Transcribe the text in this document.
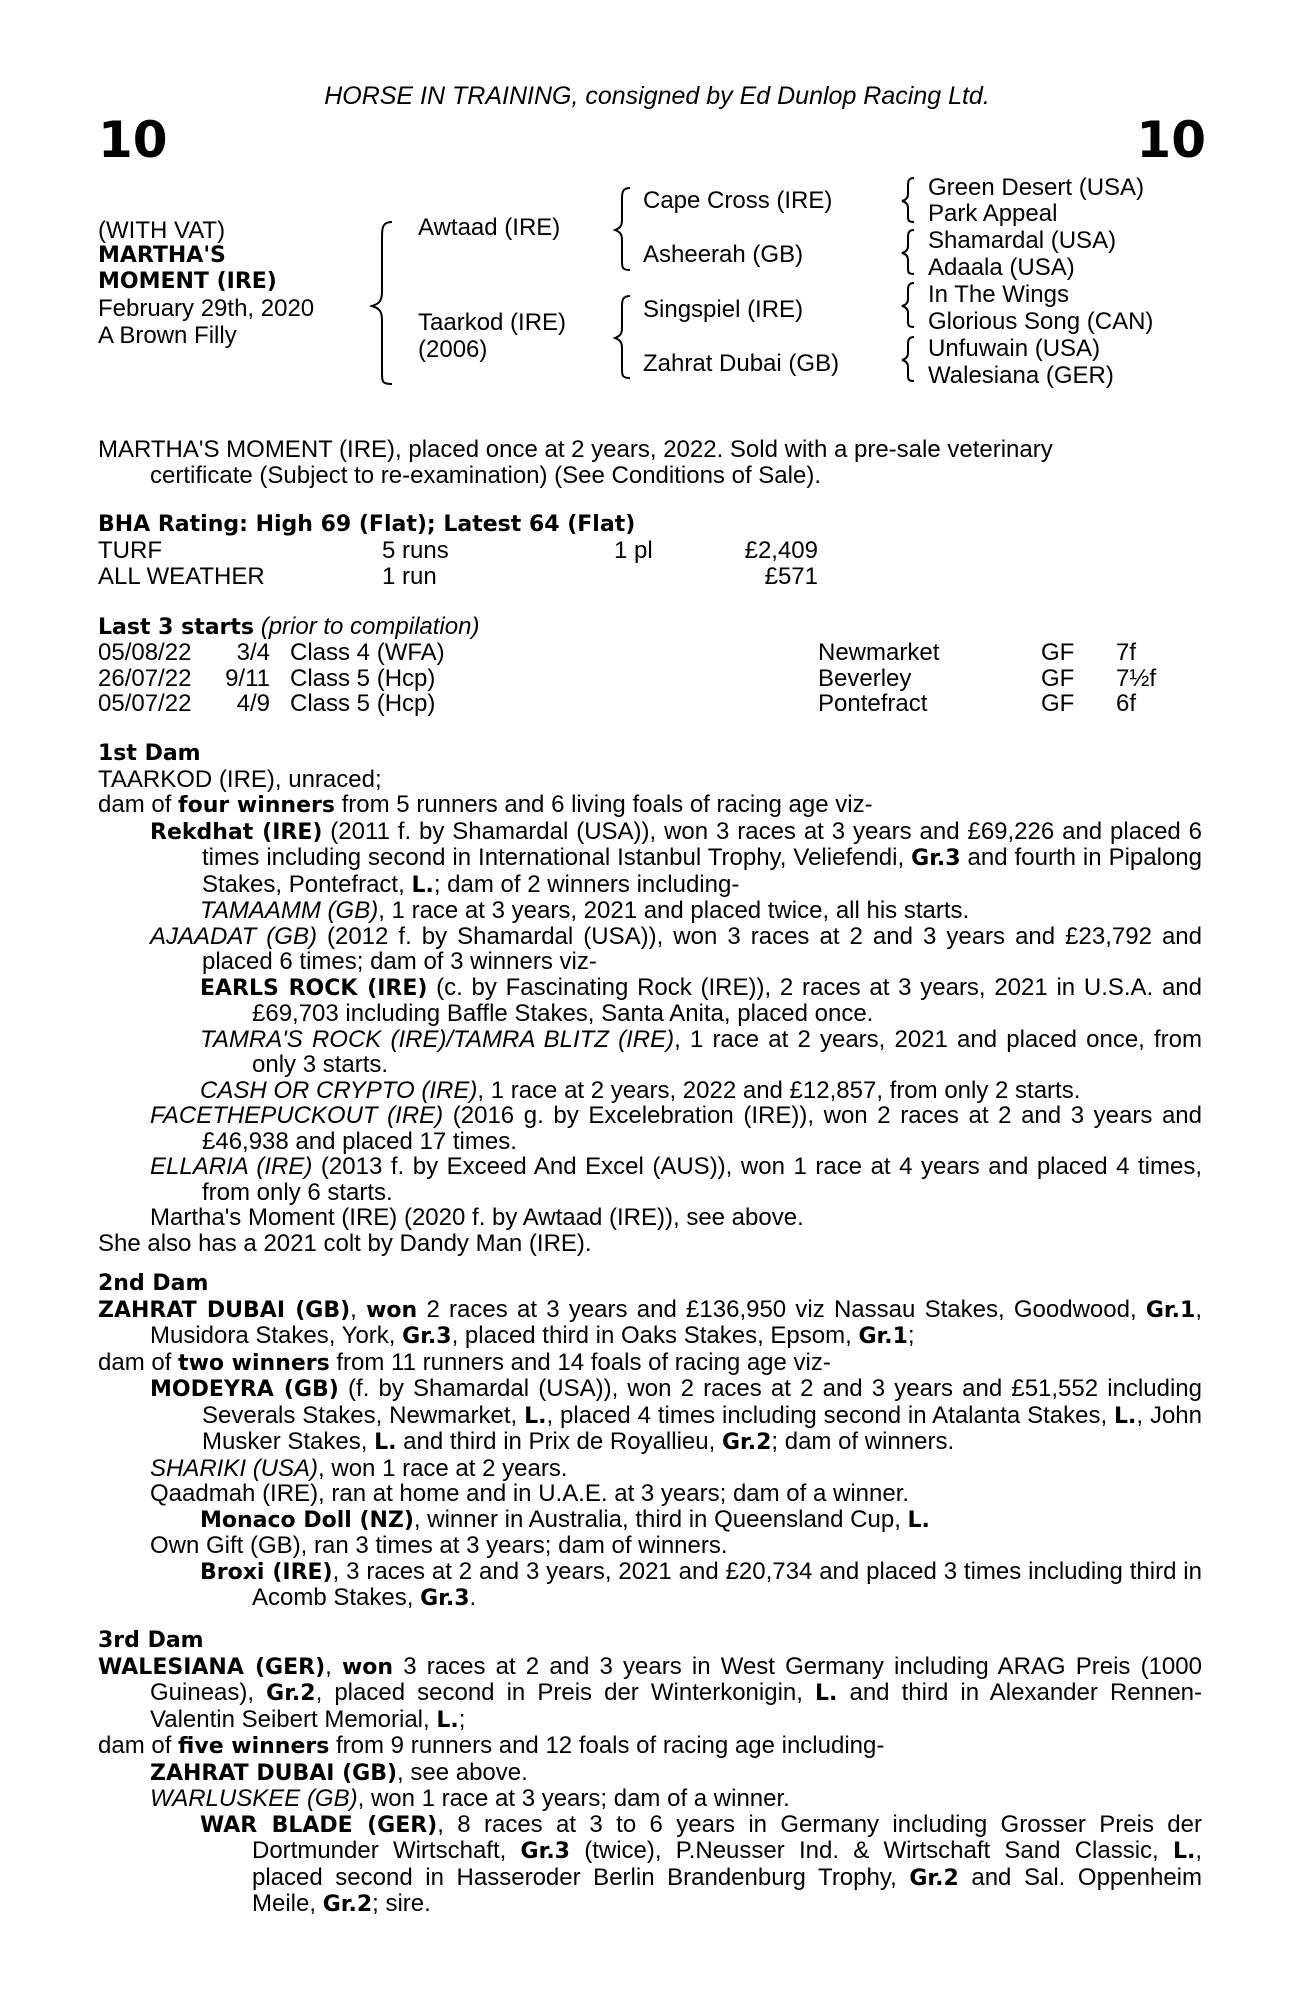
HORSE IN TRAINING, consigned by Ed Dunlop Racing Ltd.
10	10
(WITH VAT)
MARTHA'S
MOMENT (IRE)
February 29th, 2020
A Brown Filly
Awtaad (IRE)
Taarkod (IRE)
(2006)
Cape Cross (IRE)
Asheerah (GB)
Singspiel (IRE)
Zahrat Dubai (GB)
Green Desert (USA)
Park Appeal
Shamardal (USA)
Adaala (USA)
In The Wings
Glorious Song (CAN)
Unfuwain (USA)
Walesiana (GER)

MARTHA'S MOMENT (IRE), placed once at 2 years, 2022. Sold with a pre-sale veterinary

certificate (Subject to re-examination) (See Conditions of Sale).

BHA Rating: High 69 (Flat); Latest 64 (Flat)
TURF	5 runs	1 pl	£2,409
ALL WEATHER	1 run	£571
Last 3 starts (prior to compilation)
05/08/22 3/4 Class 4 (WFA)	Newmarket	GF 7f
26/07/22 9/11 Class 5 (Hcp)	Beverley	GF 7½f
05/07/22 4/9 Class 5 (Hcp)	Pontefract	GF 6f

1st Dam

TAARKOD (IRE), unraced;

dam of four winners from 5 runners and 6 living foals of racing age viz-

Rekdhat (IRE) (2011 f. by Shamardal (USA)), won 3 races at 3 years and £69,226 and placed 6 times including second in International Istanbul Trophy, Veliefendi, Gr.3 and fourth in Pipalong Stakes, Pontefract, L.; dam of 2 winners including-

TAMAAMM (GB), 1 race at 3 years, 2021 and placed twice, all his starts.

AJAADAT (GB) (2012 f. by Shamardal (USA)), won 3 races at 2 and 3 years and £23,792 and placed 6 times; dam of 3 winners viz-

EARLS ROCK (IRE) (c. by Fascinating Rock (IRE)), 2 races at 3 years, 2021 in U.S.A. and £69,703 including Baffle Stakes, Santa Anita, placed once.

TAMRA'S ROCK (IRE)/TAMRA BLITZ (IRE), 1 race at 2 years, 2021 and placed once, from only 3 starts.

CASH OR CRYPTO (IRE), 1 race at 2 years, 2022 and £12,857, from only 2 starts.

FACETHEPUCKOUT (IRE) (2016 g. by Excelebration (IRE)), won 2 races at 2 and 3 years and £46,938 and placed 17 times.

ELLARIA (IRE) (2013 f. by Exceed And Excel (AUS)), won 1 race at 4 years and placed 4 times, from only 6 starts.

Martha's Moment (IRE) (2020 f. by Awtaad (IRE)), see above.

She also has a 2021 colt by Dandy Man (IRE).

2nd Dam

ZAHRAT DUBAI (GB), won 2 races at 3 years and £136,950 viz Nassau Stakes, Goodwood, Gr.1, Musidora Stakes, York, Gr.3, placed third in Oaks Stakes, Epsom, Gr.1;

dam of two winners from 11 runners and 14 foals of racing age viz-

MODEYRA (GB) (f. by Shamardal (USA)), won 2 races at 2 and 3 years and £51,552 including Severals Stakes, Newmarket, L., placed 4 times including second in Atalanta Stakes, L., John Musker Stakes, L. and third in Prix de Royallieu, Gr.2; dam of winners.

SHARIKI (USA), won 1 race at 2 years.

Qaadmah (IRE), ran at home and in U.A.E. at 3 years; dam of a winner.

Monaco Doll (NZ), winner in Australia, third in Queensland Cup, L.

Own Gift (GB), ran 3 times at 3 years; dam of winners.

Broxi (IRE), 3 races at 2 and 3 years, 2021 and £20,734 and placed 3 times including third in Acomb Stakes, Gr.3.

3rd Dam

WALESIANA (GER), won 3 races at 2 and 3 years in West Germany including ARAG Preis (1000 Guineas), Gr.2, placed second in Preis der Winterkonigin, L. and third in Alexander Rennen-Valentin Seibert Memorial, L.;

dam of five winners from 9 runners and 12 foals of racing age including-

ZAHRAT DUBAI (GB), see above.

WARLUSKEE (GB), won 1 race at 3 years; dam of a winner.

WAR BLADE (GER), 8 races at 3 to 6 years in Germany including Grosser Preis der Dortmunder Wirtschaft, Gr.3 (twice), P.Neusser Ind. & Wirtschaft Sand Classic, L., placed second in Hasseroder Berlin Brandenburg Trophy, Gr.2 and Sal. Oppenheim Meile, Gr.2; sire.
